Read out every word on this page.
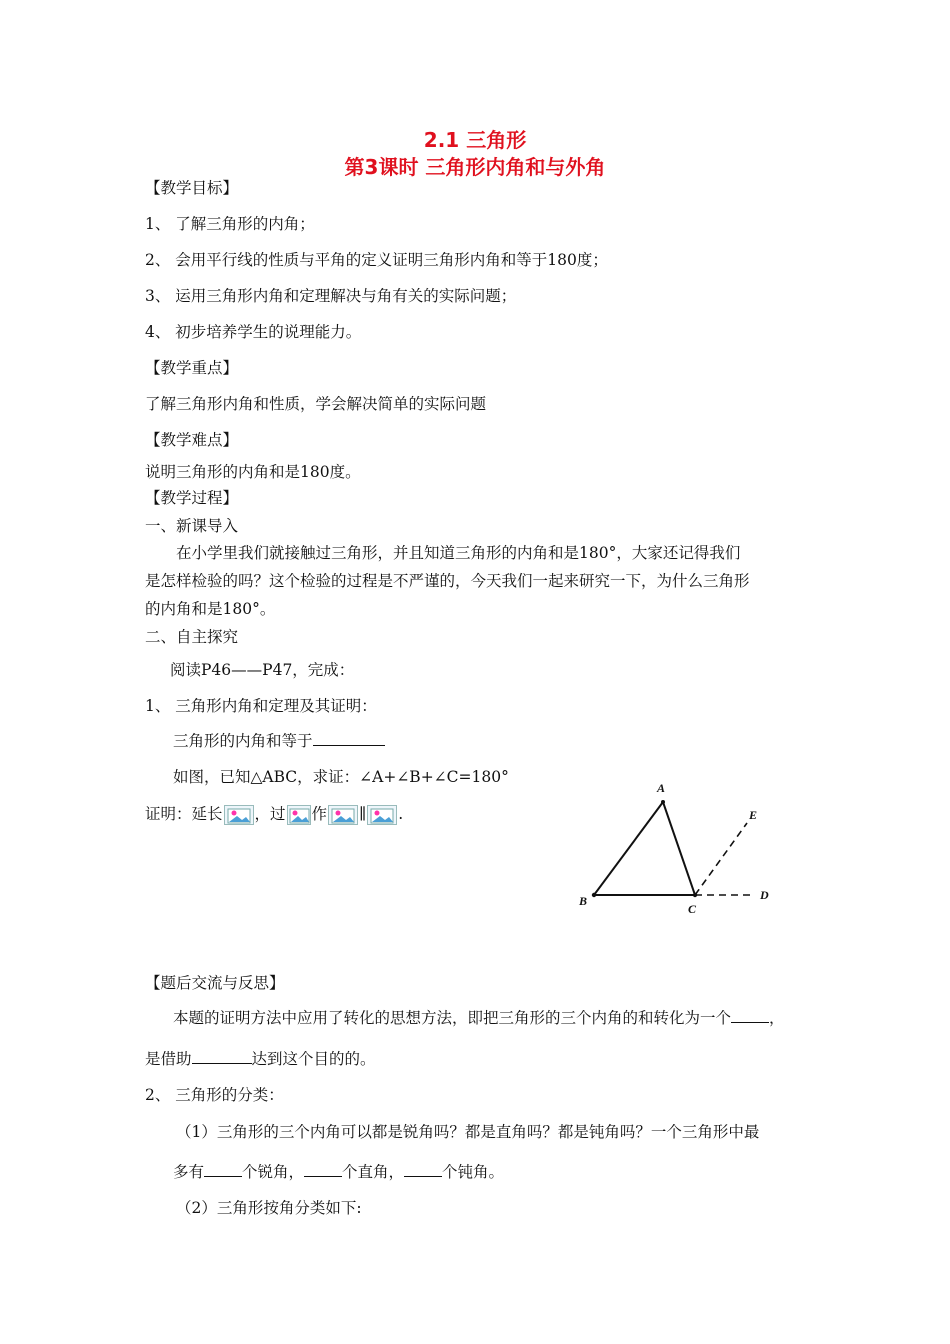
2.1 三角形
第3课时 三角形内角和与外角
【教学目标】
1、 了解三角形的内角；
2、 会用平行线的性质与平角的定义证明三角形内角和等于180度；
3、 运用三角形内角和定理解决与角有关的实际问题；
4、 初步培养学生的说理能力。
【教学重点】
了解三角形内角和性质，学会解决简单的实际问题
【教学难点】
说明三角形的内角和是180度。
【教学过程】
一、新课导入
在小学里我们就接触过三角形，并且知道三角形的内角和是180°，大家还记得我们
是怎样检验的吗？这个检验的过程是不严谨的，今天我们一起来研究一下，为什么三角形
的内角和是180°。
二、自主探究
阅读P46——P47，完成：
1、 三角形内角和定理及其证明：
三角形的内角和等于
如图，已知△ABC，求证：∠A+∠B+∠C=180°
证明：延长 ，过 作 ∥ .
A
B
C
D
E
【题后交流与反思】
本题的证明方法中应用了转化的思想方法，即把三角形的三个内角的和转化为一个 ，
是借助	达到这个目的的。
2、 三角形的分类：
（1）三角形的三个内角可以都是锐角吗？都是直角吗？都是钝角吗？一个三角形中最
多有 个锐角， 个直角， 个钝角。
（2）三角形按角分类如下:
